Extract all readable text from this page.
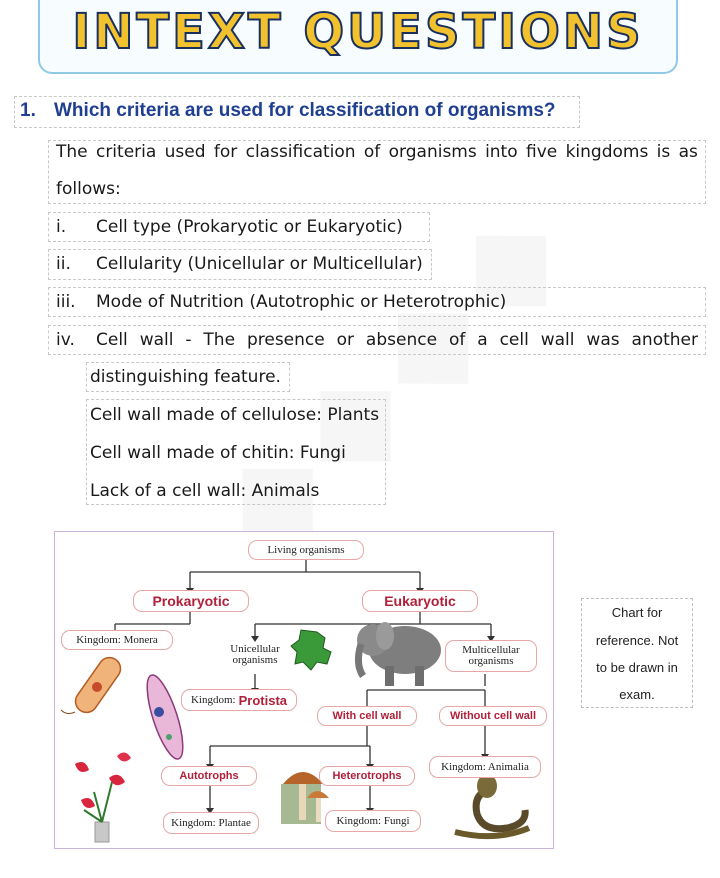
INTEXT QUESTIONS
1. Which criteria are used for classification of organisms?
The criteria used for classification of organisms into five kingdoms is as
follows:
i. Cell type (Prokaryotic or Eukaryotic)
ii. Cellularity (Unicellular or Multicellular)
iii. Mode of Nutrition (Autotrophic or Heterotrophic)
iv. Cell wall - The presence or absence of a cell wall was another
distinguishing feature.
Cell wall made of cellulose: Plants
Cell wall made of chitin: Fungi
Lack of a cell wall: Animals
Living organisms
Prokaryotic	Eukaryotic
Kingdom: Monera
Unicellular
organisms
Multicellular
organisms
Kingdom: Protista
With cell wall	Without cell wall
Autotrophs	Heterotrophs
Kingdom: Animalia
Kingdom: Plantae	Kingdom: Fungi
Chart for
reference. Not
to be drawn in
exam.
